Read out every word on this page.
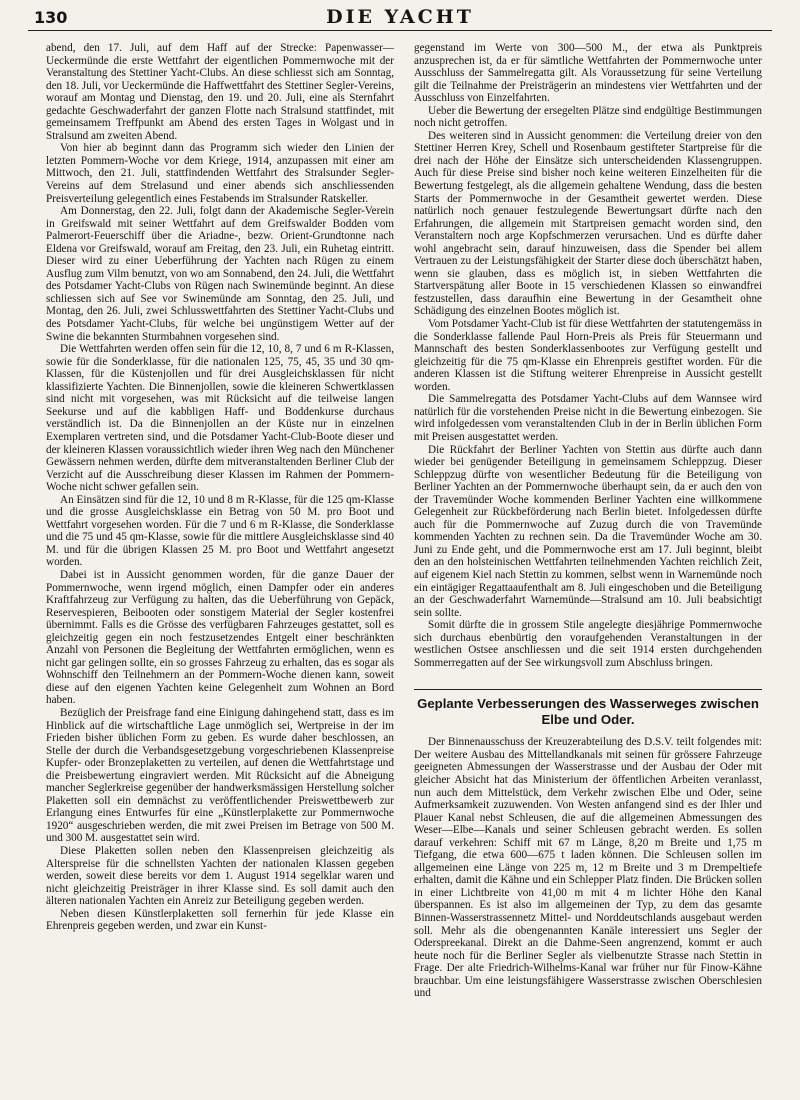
130	DIE YACHT

abend, den 17. Juli, auf dem Haff auf der Strecke: Papenwasser—Ueckermünde die erste Wettfahrt der eigentlichen Pommernwoche mit der Veranstaltung des Stettiner Yacht-Clubs. An diese schliesst sich am Sonntag, den 18. Juli, vor Ueckermünde die Haffwettfahrt des Stettiner Segler-Vereins, worauf am Montag und Dienstag, den 19. und 20. Juli, eine als Sternfahrt gedachte Geschwaderfahrt der ganzen Flotte nach Stralsund stattfindet, mit gemeinsamem Treffpunkt am Abend des ersten Tages in Wolgast und in Stralsund am zweiten Abend.

Von hier ab beginnt dann das Programm sich wieder den Linien der letzten Pommern-Woche vor dem Kriege, 1914, anzupassen mit einer am Mittwoch, den 21. Juli, stattfindenden Wettfahrt des Stralsunder Segler-Vereins auf dem Strelasund und einer abends sich anschliessenden Preisverteilung gelegentlich eines Festabends im Stralsunder Ratskeller.

Am Donnerstag, den 22. Juli, folgt dann der Akademische Segler-Verein in Greifswald mit seiner Wettfahrt auf dem Greifswalder Bodden vom Palmerort-Feuerschiff über die Ariadne-, bezw. Orient-Grundtonne nach Eldena vor Greifswald, worauf am Freitag, den 23. Juli, ein Ruhetag eintritt. Dieser wird zu einer Ueberführung der Yachten nach Rügen zu einem Ausflug zum Vilm benutzt, von wo am Sonnabend, den 24. Juli, die Wettfahrt des Potsdamer Yacht-Clubs von Rügen nach Swinemünde beginnt. An diese schliessen sich auf See vor Swinemünde am Sonntag, den 25. Juli, und Montag, den 26. Juli, zwei Schlusswettfahrten des Stettiner Yacht-Clubs und des Potsdamer Yacht-Clubs, für welche bei ungünstigem Wetter auf der Swine die bekannten Sturmbahnen vorgesehen sind.

Die Wettfahrten werden offen sein für die 12, 10, 8, 7 und 6 m R-Klassen, sowie für die Sonderklasse, für die nationalen 125, 75, 45, 35 und 30 qm-Klassen, für die Küstenjollen und für drei Ausgleichsklassen für nicht klassifizierte Yachten. Die Binnenjollen, sowie die kleineren Schwertklassen sind nicht mit vorgesehen, was mit Rücksicht auf die teilweise langen Seekurse und auf die kabbligen Haff- und Boddenkurse durchaus verständlich ist. Da die Binnenjollen an der Küste nur in einzelnen Exemplaren vertreten sind, und die Potsdamer Yacht-Club-Boote dieser und der kleineren Klassen voraussichtlich wieder ihren Weg nach den Münchener Gewässern nehmen werden, dürfte dem mitveranstaltenden Berliner Club der Verzicht auf die Ausschreibung dieser Klassen im Rahmen der Pommern-Woche nicht schwer gefallen sein.

An Einsätzen sind für die 12, 10 und 8 m R-Klasse, für die 125 qm-Klasse und die grosse Ausgleichsklasse ein Betrag von 50 M. pro Boot und Wettfahrt vorgesehen worden. Für die 7 und 6 m R-Klasse, die Sonderklasse und die 75 und 45 qm-Klasse, sowie für die mittlere Ausgleichsklasse sind 40 M. und für die übrigen Klassen 25 M. pro Boot und Wettfahrt angesetzt worden.

Dabei ist in Aussicht genommen worden, für die ganze Dauer der Pommernwoche, wenn irgend möglich, einen Dampfer oder ein anderes Kraftfahrzeug zur Verfügung zu halten, das die Ueberführung von Gepäck, Reservespieren, Beibooten oder sonstigem Material der Segler kostenfrei übernimmt. Falls es die Grösse des verfügbaren Fahrzeuges gestattet, soll es gleichzeitig gegen ein noch festzusetzendes Entgelt einer beschränkten Anzahl von Personen die Begleitung der Wettfahrten ermöglichen, wenn es nicht gar gelingen sollte, ein so grosses Fahrzeug zu erhalten, das es sogar als Wohnschiff den Teilnehmern an der Pommern-Woche dienen kann, soweit diese auf den eigenen Yachten keine Gelegenheit zum Wohnen an Bord haben.

Bezüglich der Preisfrage fand eine Einigung dahingehend statt, dass es im Hinblick auf die wirtschaftliche Lage unmöglich sei, Wertpreise in der im Frieden bisher üblichen Form zu geben. Es wurde daher beschlossen, an Stelle der durch die Verbandsgesetzgebung vorgeschriebenen Klassenpreise Kupfer- oder Bronzeplaketten zu verteilen, auf denen die Wettfahrtstage und die Preisbewertung eingraviert werden. Mit Rücksicht auf die Abneigung mancher Seglerkreise gegenüber der handwerksmässigen Herstellung solcher Plaketten soll ein demnächst zu veröffentlichender Preiswettbewerb zur Erlangung eines Entwurfes für eine „Künstlerplakette zur Pommernwoche 1920“ ausgeschrieben werden, die mit zwei Preisen im Betrage von 500 M. und 300 M. ausgestattet sein wird.

Diese Plaketten sollen neben den Klassenpreisen gleichzeitig als Alterspreise für die schnellsten Yachten der nationalen Klassen gegeben werden, soweit diese bereits vor dem 1. August 1914 segelklar waren und nicht gleichzeitig Preisträger in ihrer Klasse sind. Es soll damit auch den älteren nationalen Yachten ein Anreiz zur Beteiligung gegeben werden.

Neben diesen Künstlerplaketten soll fernerhin für jede Klasse ein Ehrenpreis gegeben werden, und zwar ein Kunst-

gegenstand im Werte von 300—500 M., der etwa als Punktpreis anzusprechen ist, da er für sämtliche Wettfahrten der Pommernwoche unter Ausschluss der Sammelregatta gilt. Als Voraussetzung für seine Verteilung gilt die Teilnahme der Preisträgerin an mindestens vier Wettfahrten und der Ausschluss von Einzelfahrten.

Ueber die Bewertung der ersegelten Plätze sind endgültige Bestimmungen noch nicht getroffen.

Des weiteren sind in Aussicht genommen: die Verteilung dreier von den Stettiner Herren Krey, Schell und Rosenbaum gestifteter Startpreise für die drei nach der Höhe der Einsätze sich unterscheidenden Klassengruppen. Auch für diese Preise sind bisher noch keine weiteren Einzelheiten für die Bewertung festgelegt, als die allgemein gehaltene Wendung, dass die besten Starts der Pommernwoche in der Gesamtheit gewertet werden. Diese natürlich noch genauer festzulegende Bewertungsart dürfte nach den Erfahrungen, die allgemein mit Startpreisen gemacht worden sind, den Veranstaltern noch arge Kopfschmerzen verursachen. Und es dürfte daher wohl angebracht sein, darauf hinzuweisen, dass die Spender bei allem Vertrauen zu der Leistungsfähigkeit der Starter diese doch überschätzt haben, wenn sie glauben, dass es möglich ist, in sieben Wettfahrten die Startverspätung aller Boote in 15 verschiedenen Klassen so einwandfrei festzustellen, dass daraufhin eine Bewertung in der Gesamtheit ohne Schädigung des einzelnen Bootes möglich ist.

Vom Potsdamer Yacht-Club ist für diese Wettfahrten der statutengemäss in die Sonderklasse fallende Paul Horn-Preis als Preis für Steuermann und Mannschaft des besten Sonderklassenbootes zur Verfügung gestellt und gleichzeitig für die 75 qm-Klasse ein Ehrenpreis gestiftet worden. Für die anderen Klassen ist die Stiftung weiterer Ehrenpreise in Aussicht gestellt worden.

Die Sammelregatta des Potsdamer Yacht-Clubs auf dem Wannsee wird natürlich für die vorstehenden Preise nicht in die Bewertung einbezogen. Sie wird infolgedessen vom veranstaltenden Club in der in Berlin üblichen Form mit Preisen ausgestattet werden.

Die Rückfahrt der Berliner Yachten von Stettin aus dürfte auch dann wieder bei genügender Beteiligung in gemeinsamem Schleppzug. Dieser Schleppzug dürfte von wesentlicher Bedeutung für die Beteiligung von Berliner Yachten an der Pommernwoche überhaupt sein, da er auch den von der Travemünder Woche kommenden Berliner Yachten eine willkommene Gelegenheit zur Rückbeförderung nach Berlin bietet. Infolgedessen dürfte auch für die Pommernwoche auf Zuzug durch die von Travemünde kommenden Yachten zu rechnen sein. Da die Travemünder Woche am 30. Juni zu Ende geht, und die Pommernwoche erst am 17. Juli beginnt, bleibt den an den holsteinischen Wettfahrten teilnehmenden Yachten reichlich Zeit, auf eigenem Kiel nach Stettin zu kommen, selbst wenn in Warnemünde noch ein eintägiger Regattaaufenthalt am 8. Juli eingeschoben und die Beteiligung an der Geschwaderfahrt Warnemünde—Stralsund am 10. Juli beabsichtigt sein sollte.

Somit dürfte die in grossem Stile angelegte diesjährige Pommernwoche sich durchaus ebenbürtig den voraufgehenden Veranstaltungen in der westlichen Ostsee anschliessen und die seit 1914 ersten durchgehenden Sommerregatten auf der See wirkungsvoll zum Abschluss bringen.

Geplante Verbesserungen des Wasserweges zwischen Elbe und Oder.

Der Binnenausschuss der Kreuzerabteilung des D.S.V. teilt folgendes mit: Der weitere Ausbau des Mittellandkanals mit seinen für grössere Fahrzeuge geeigneten Abmessungen der Wasserstrasse und der Ausbau der Oder mit gleicher Absicht hat das Ministerium der öffentlichen Arbeiten veranlasst, nun auch dem Mittelstück, dem Verkehr zwischen Elbe und Oder, seine Aufmerksamkeit zuzuwenden. Von Westen anfangend sind es der Ihler und Plauer Kanal nebst Schleusen, die auf die allgemeinen Abmessungen des Weser—Elbe—Kanals und seiner Schleusen gebracht werden. Es sollen darauf verkehren: Schiff mit 67 m Länge, 8,20 m Breite und 1,75 m Tiefgang, die etwa 600—675 t laden können. Die Schleusen sollen im allgemeinen eine Länge von 225 m, 12 m Breite und 3 m Drempeltiefe erhalten, damit die Kähne und ein Schlepper Platz finden. Die Brücken sollen in einer Lichtbreite von 41,00 m mit 4 m lichter Höhe den Kanal überspannen. Es ist also im allgemeinen der Typ, zu dem das gesamte Binnen-Wasserstrassennetz Mittel- und Norddeutschlands ausgebaut werden soll. Mehr als die obengenannten Kanäle interessiert uns Segler der Oderspreekanal. Direkt an die Dahme-Seen angrenzend, kommt er auch heute noch für die Berliner Segler als vielbenutzte Strasse nach Stettin in Frage. Der alte Friedrich-Wilhelms-Kanal war früher nur für Finow-Kähne brauchbar. Um eine leistungsfähigere Wasserstrasse zwischen Oberschlesien und
